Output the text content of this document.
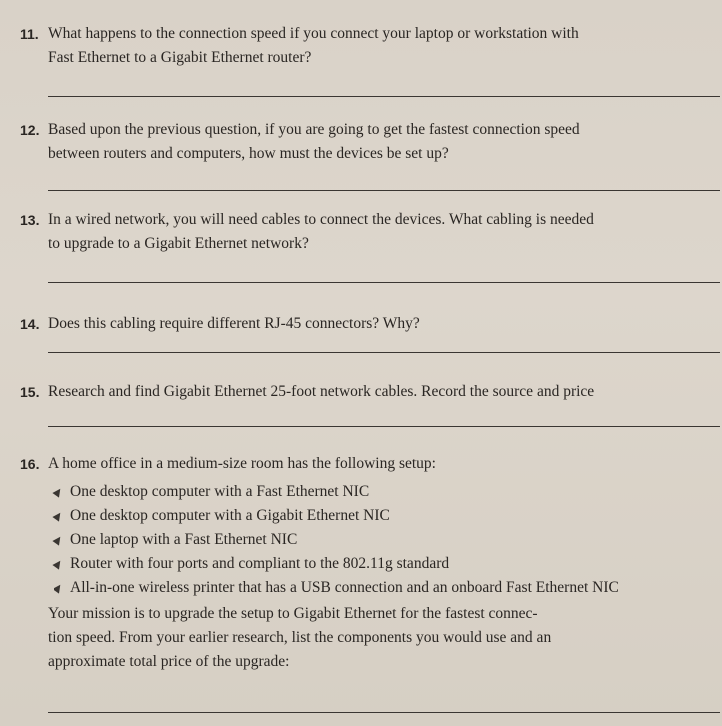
11. What happens to the connection speed if you connect your laptop or workstation with
Fast Ethernet to a Gigabit Ethernet router?
12. Based upon the previous question, if you are going to get the fastest connection speed
between routers and computers, how must the devices be set up?
13. In a wired network, you will need cables to connect the devices. What cabling is needed
to upgrade to a Gigabit Ethernet network?
14. Does this cabling require different RJ-45 connectors? Why?
15. Research and find Gigabit Ethernet 25-foot network cables. Record the source and price
16. A home office in a medium-size room has the following setup:
One desktop computer with a Fast Ethernet NIC
One desktop computer with a Gigabit Ethernet NIC
One laptop with a Fast Ethernet NIC
Router with four ports and compliant to the 802.11g standard
All-in-one wireless printer that has a USB connection and an onboard Fast Ethernet NIC
Your mission is to upgrade the setup to Gigabit Ethernet for the fastest connec-
tion speed. From your earlier research, list the components you would use and an
approximate total price of the upgrade:
